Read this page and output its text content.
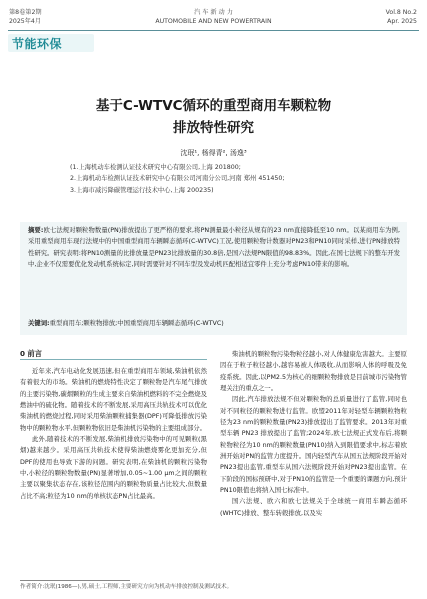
第8卷第2期
2025年4月
汽 车 新 动 力
AUTOMOBILE AND NEW POWERTRAIN
Vol.8 No.2
Apr. 2025
节能环保
基于C-WTVC循环的重型商用车颗粒物
排放特性研究
沈珉¹, 杨得青², 汤逸³
(1.上海机动车检测认证技术研究中心有限公司,上海 201800;
2.上海机动车检测认证技术研究中心有限公司河南分公司,河南 郑州 451450;
3.上海市减污降碳管理运行技术中心,上海 200235)
摘要:欧七法规对颗粒物数量(PN)排放提出了更严格的要求,将PN测量最小粒径从规有的23 nm直接降低至10 nm。以某商用车为例,采用重型商用车现行法规中的中国重型商用车辆瞬态循环(C-WTVC)工况,使用颗粒物计数器对PN23和PN10同时采样,进行PN排放特性研究。研究表明:将PN10测量的比排放量是PN23比排放量的30.8倍,是国六法规PN限值的98.83%。因此,在国七法规下的整车开发中,企业不仅需要优化发动机系统标定,同时需要针对不同车型及发动机匹配相适宜零件上充分考虑PN10带来的影响。
关键词:重型商用车;颗粒物排放;中国重型商用车辆瞬态循环(C-WTVC)
0 前言

近年来,汽车电动化发展迅速,但在重型商用车领域,柴油机依然有着很大的市场。柴油机的燃烧特性决定了颗粒物是汽车尾气排放的主要污染物,碳烟颗粒的生成主要来自柴油机燃料的不完全燃烧及燃油中的硫化物。随着技术的不断发展,采用高压共轨技术可以优化柴油机的燃烧过程,同时采用柴油颗粒捕集器(DPF)可降低排放污染物中的颗粒物水平,但颗粒物依旧是柴油机污染物的主要组成部分。

此外,随着技术的不断发展,柴油机排放污染物中的可见颗粒(黑烟)越来越少。采用高压共轨技术使得柴油燃烧雾化更加充分,但DPF的使用也导致下游的问题。研究表明,在柴油机的颗粒污染物中,小粒径的颗粒物数量(PN)显著增加,0.05~1.00 μm之间的颗粒主要以聚集状态存在,该粒径范围内的颗粒物质量占比较大,但数量占比不高;粒径为10 nm的单核状态PN占比最高。

柴油机的颗粒物污染物粒径越小,对人体健康危害越大。主要原因在于粒子粒径越小,越容易被人体吸收,从而影响人体的呼吸及免疫系统。因此,以PM2.5为核心的细颗粒物排放是目前城市污染物管理关注的重点之一。

因此,汽车排放法规不但对颗粒物的总质量进行了监管,同时也对不同粒径的颗粒物进行监管。欧盟2011年对轻型车辆颗粒物粒径为23 nm的颗粒数量(PN23)排放提出了监管要求。2013年对重型车辆 PN23 排放提出了监管;2024年,欧七法规正式发布后,将颗粒物粒径为10 nm的颗粒数量(PN10)纳入到限值要求中,标志着欧洲开始对PN的监管力度提升。国内轻型汽车从国五法规阶段开始对PN23提出监管,重型车从国六法规阶段开始对PN23提出监管。在下阶段的国标预研中,对于PN10的监管是一个重要的课题方向,预计PN10限值也将纳入国七标准中。

国六法规、欧六和欧七法规关于全球统一商用车瞬态循环(WHTC)排放、整车转毂排放,以及实

作者简介:沈珉(1986—),男,硕士,工程师,主要研究方向为机动车排放控制及测试技术。
